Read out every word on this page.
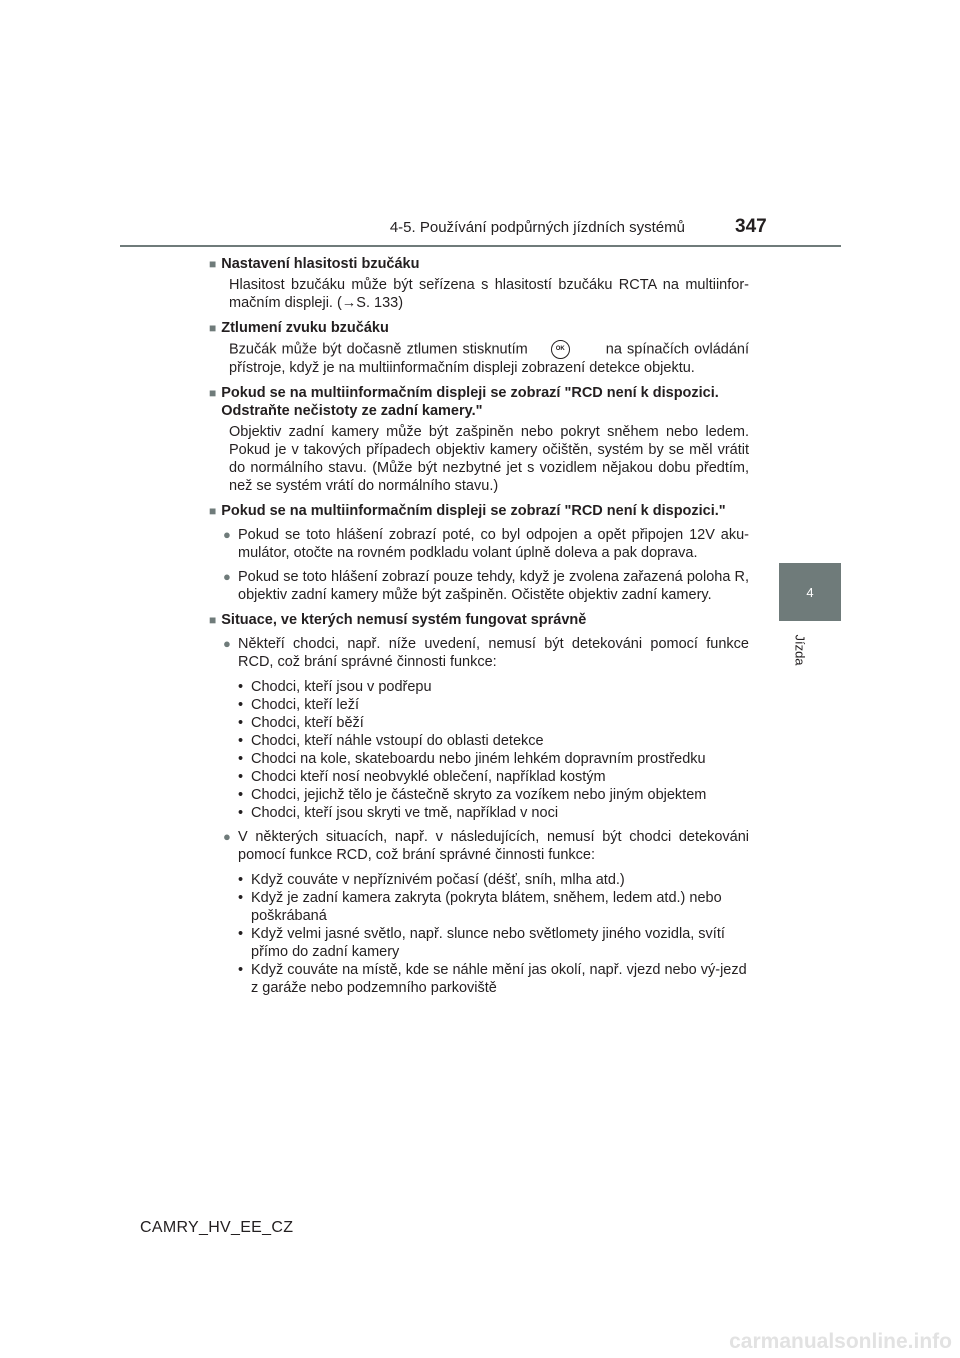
4-5. Používání podpůrných jízdních systémů	347
4
Jízda
■ Nastavení hlasitosti bzučáku
Hlasitost bzučáku může být seřízena s hlasitostí bzučáku RCTA na multiinfor-mačním displeji. (→S. 133)
■ Ztlumení zvuku bzučáku
Bzučák může být dočasně ztlumen stisknutím	OK	na spínačích ovládání přístroje, když je na multiinformačním displeji zobrazení detekce objektu.
■ Pokud se na multiinformačním displeji se zobrazí "RCD není k dispozici. Odstraňte nečistoty ze zadní kamery."
Objektiv zadní kamery může být zašpiněn nebo pokryt sněhem nebo ledem. Pokud je v takových případech objektiv kamery očištěn, systém by se měl vrátit do normálního stavu. (Může být nezbytné jet s vozidlem nějakou dobu předtím, než se systém vrátí do normálního stavu.)
■ Pokud se na multiinformačním displeji se zobrazí "RCD není k dispozici."
● Pokud se toto hlášení zobrazí poté, co byl odpojen a opět připojen 12V aku-mulátor, otočte na rovném podkladu volant úplně doleva a pak doprava.
● Pokud se toto hlášení zobrazí pouze tehdy, když je zvolena zařazená poloha R, objektiv zadní kamery může být zašpiněn. Očistěte objektiv zadní kamery.
■ Situace, ve kterých nemusí systém fungovat správně
● Někteří chodci, např. níže uvedení, nemusí být detekováni pomocí funkce RCD, což brání správné činnosti funkce:
• Chodci, kteří jsou v podřepu
• Chodci, kteří leží
• Chodci, kteří běží
• Chodci, kteří náhle vstoupí do oblasti detekce
• Chodci na kole, skateboardu nebo jiném lehkém dopravním prostředku
• Chodci kteří nosí neobvyklé oblečení, například kostým
• Chodci, jejichž tělo je částečně skryto za vozíkem nebo jiným objektem
• Chodci, kteří jsou skryti ve tmě, například v noci
● V některých situacích, např. v následujících, nemusí být chodci detekováni pomocí funkce RCD, což brání správné činnosti funkce:
• Když couváte v nepříznivém počasí (déšť, sníh, mlha atd.)
• Když je zadní kamera zakryta (pokryta blátem, sněhem, ledem atd.) nebo poškrábaná
• Když velmi jasné světlo, např. slunce nebo světlomety jiného vozidla, svítí přímo do zadní kamery
• Když couváte na místě, kde se náhle mění jas okolí, např. vjezd nebo vý-jezd z garáže nebo podzemního parkoviště
CAMRY_HV_EE_CZ
carmanualsonline.info
